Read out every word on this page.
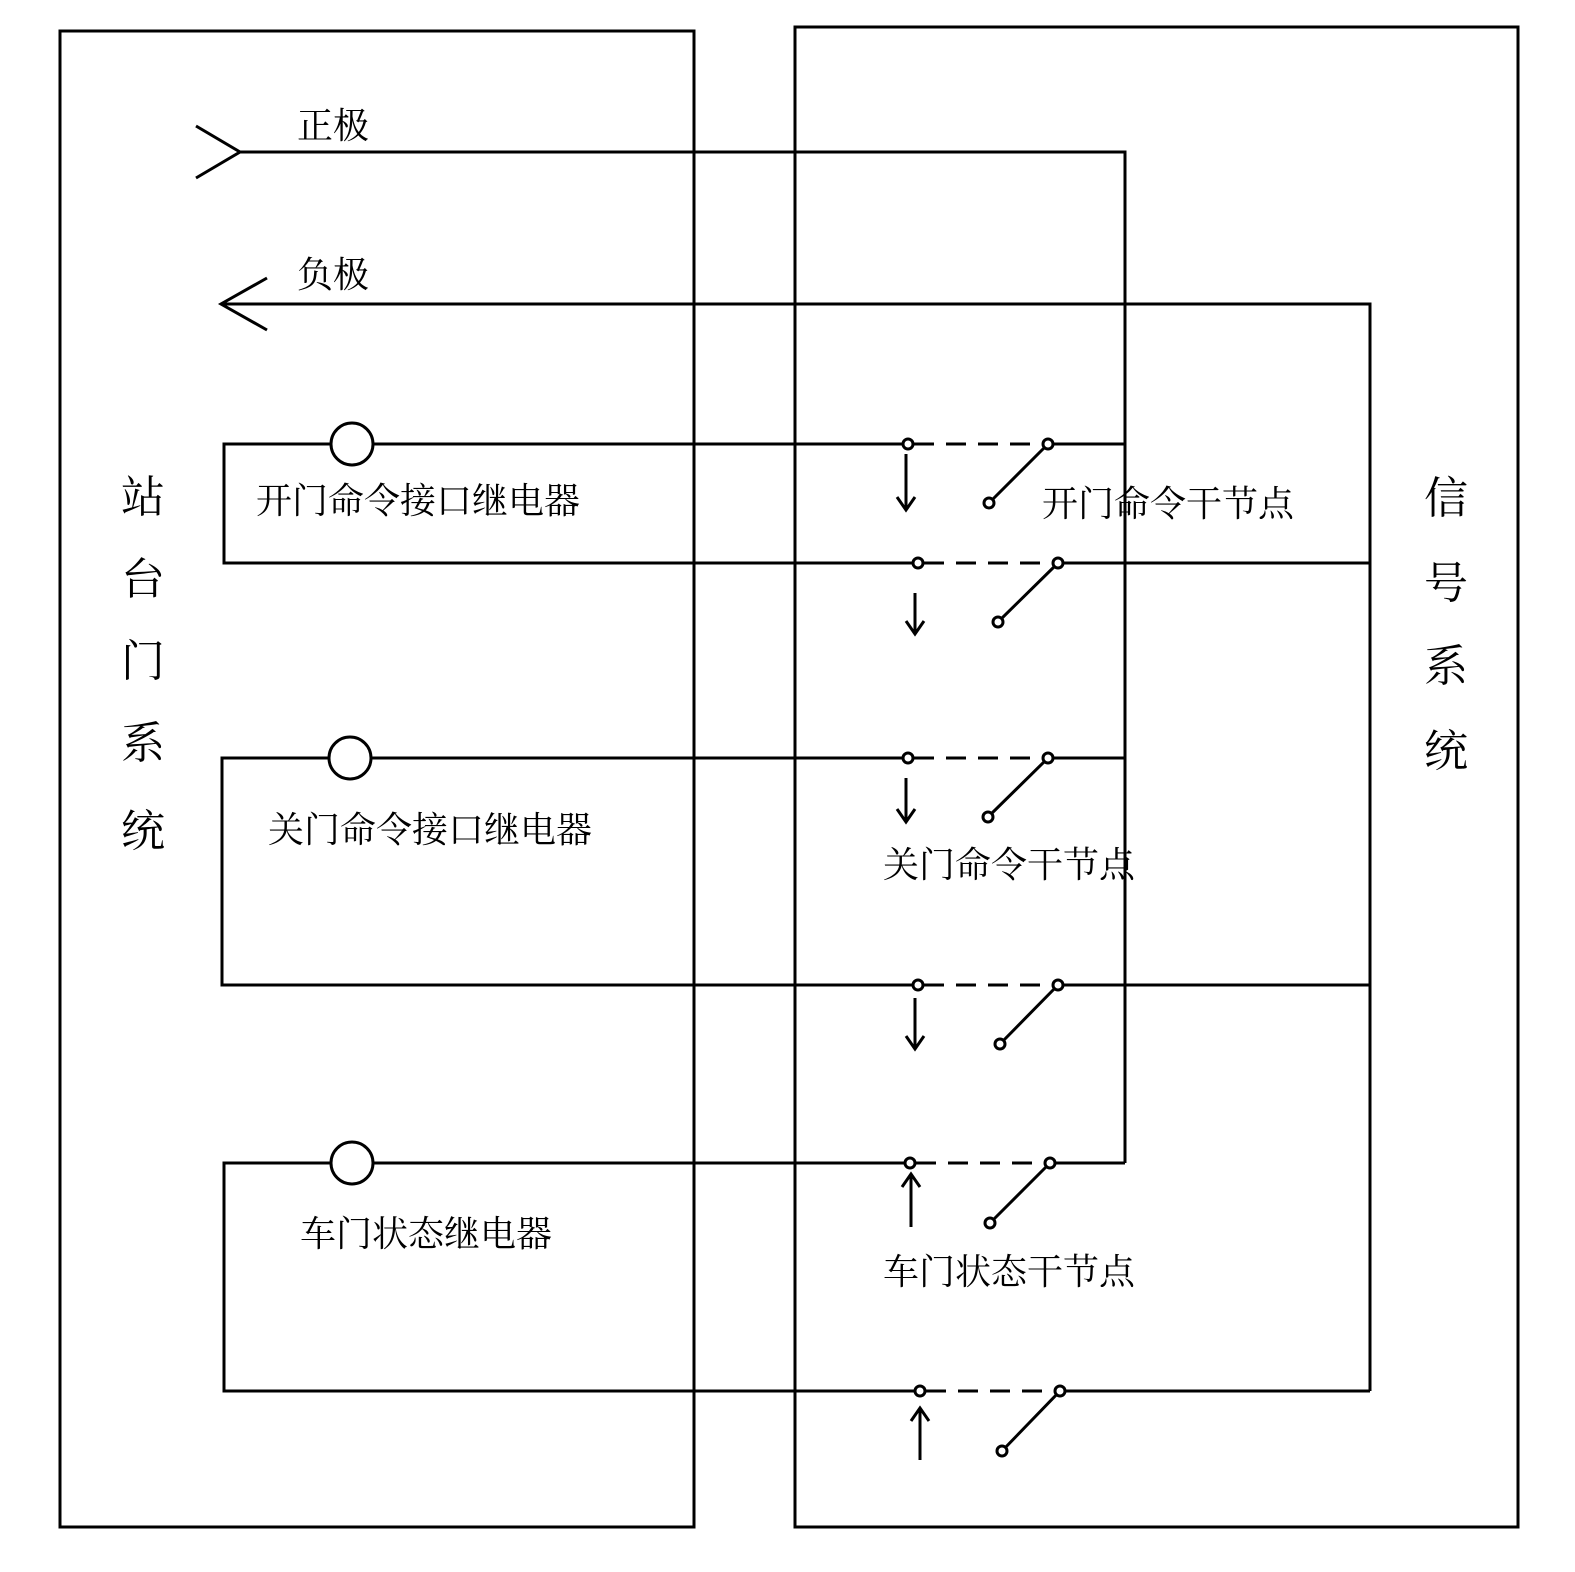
正极
负极
开门命令接口继电器
关门命令接口继电器
车门状态继电器
开门命令干节点
关门命令干节点
车门状态干节点
站
台
门
系
统
信
号
系
统
